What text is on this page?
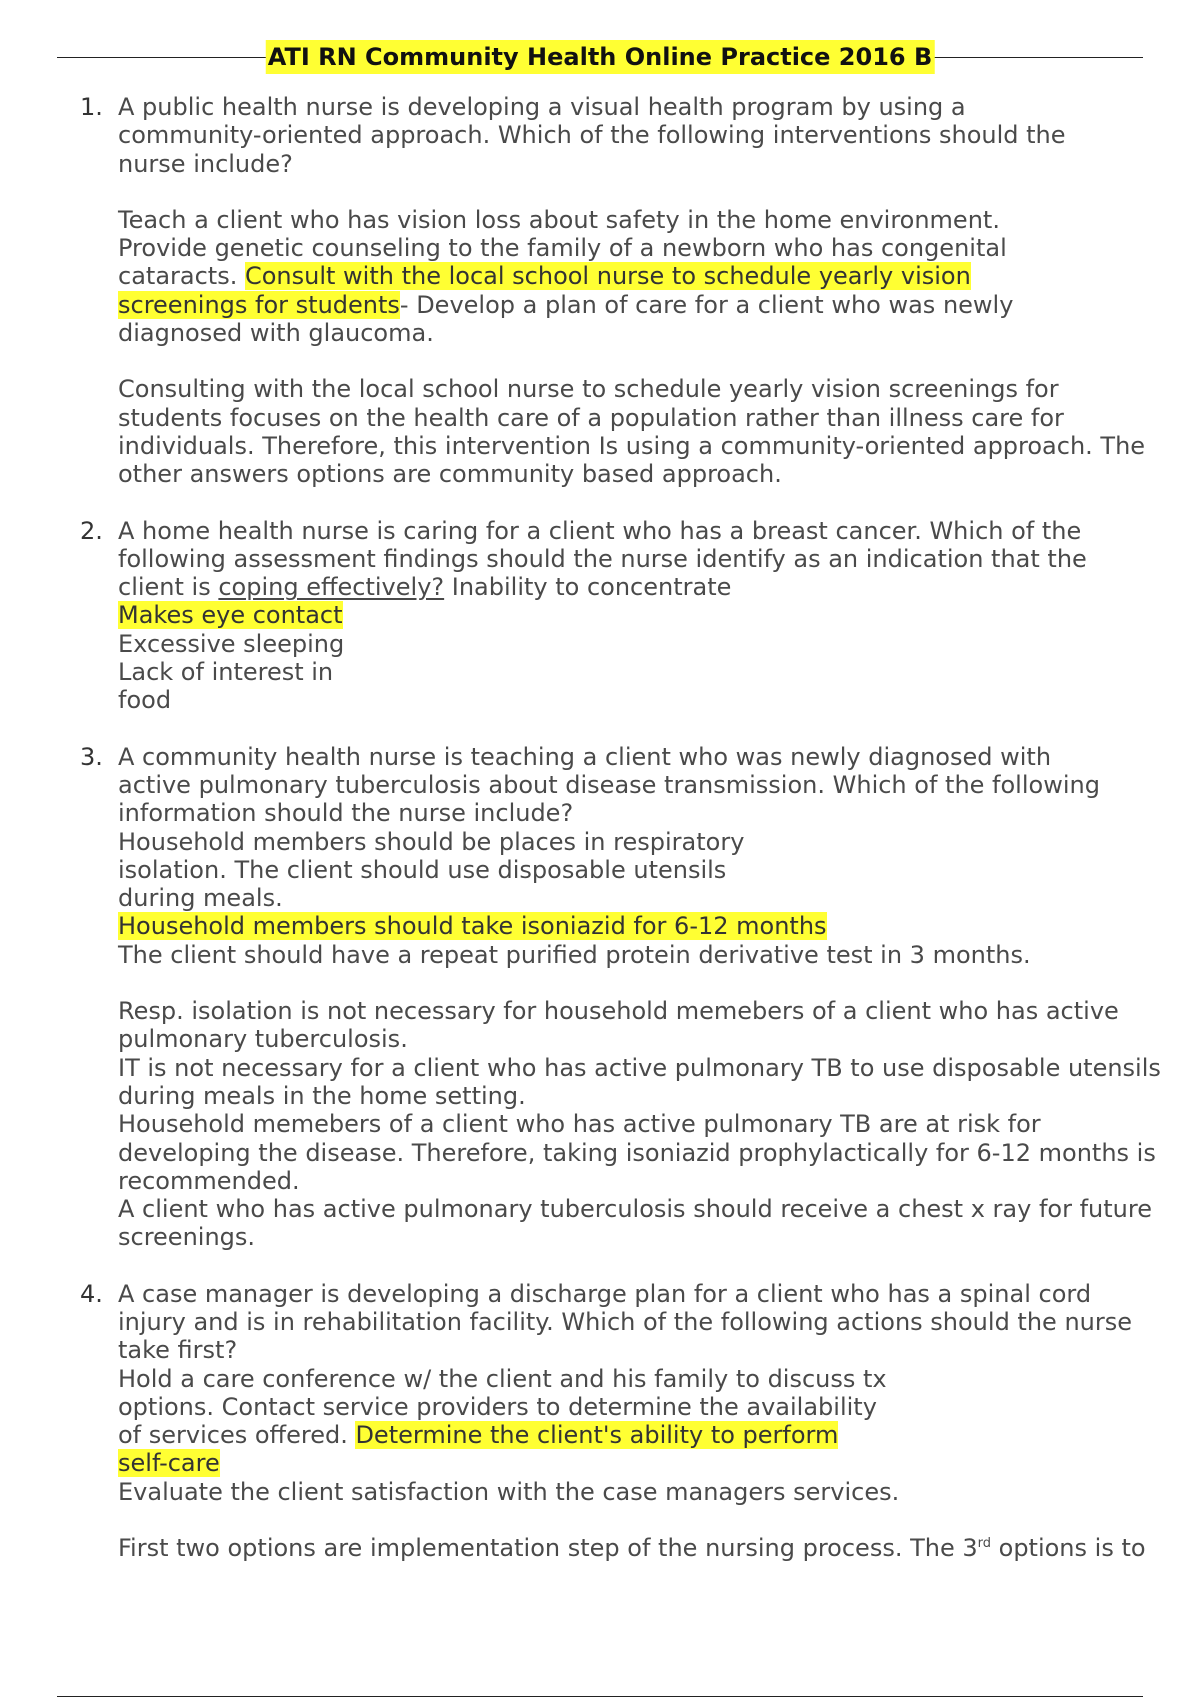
ATI RN Community Health Online Practice 2016 B
1. A public health nurse is developing a visual health program by using a
community-oriented approach. Which of the following interventions should the
nurse include?
Teach a client who has vision loss about safety in the home environment.
Provide genetic counseling to the family of a newborn who has congenital
cataracts. Consult with the local school nurse to schedule yearly vision
screenings for students- Develop a plan of care for a client who was newly
diagnosed with glaucoma.
Consulting with the local school nurse to schedule yearly vision screenings for
students focuses on the health care of a population rather than illness care for
individuals. Therefore, this intervention Is using a community-oriented approach. The
other answers options are community based approach.
2. A home health nurse is caring for a client who has a breast cancer. Which of the
following assessment findings should the nurse identify as an indication that the
client is coping effectively? Inability to concentrate
Makes eye contact
Excessive sleeping
Lack of interest in
food
3. A community health nurse is teaching a client who was newly diagnosed with
active pulmonary tuberculosis about disease transmission. Which of the following
information should the nurse include?
Household members should be places in respiratory
isolation. The client should use disposable utensils
during meals.
Household members should take isoniazid for 6-12 months
The client should have a repeat purified protein derivative test in 3 months.
Resp. isolation is not necessary for household memebers of a client who has active
pulmonary tuberculosis.
IT is not necessary for a client who has active pulmonary TB to use disposable utensils
during meals in the home setting.
Household memebers of a client who has active pulmonary TB are at risk for
developing the disease. Therefore, taking isoniazid prophylactically for 6-12 months is
recommended.
A client who has active pulmonary tuberculosis should receive a chest x ray for future
screenings.
4. A case manager is developing a discharge plan for a client who has a spinal cord
injury and is in rehabilitation facility. Which of the following actions should the nurse
take first?
Hold a care conference w/ the client and his family to discuss tx
options. Contact service providers to determine the availability
of services offered. Determine the client's ability to perform
self-care
Evaluate the client satisfaction with the case managers services.
First two options are implementation step of the nursing process. The 3rd options is to
